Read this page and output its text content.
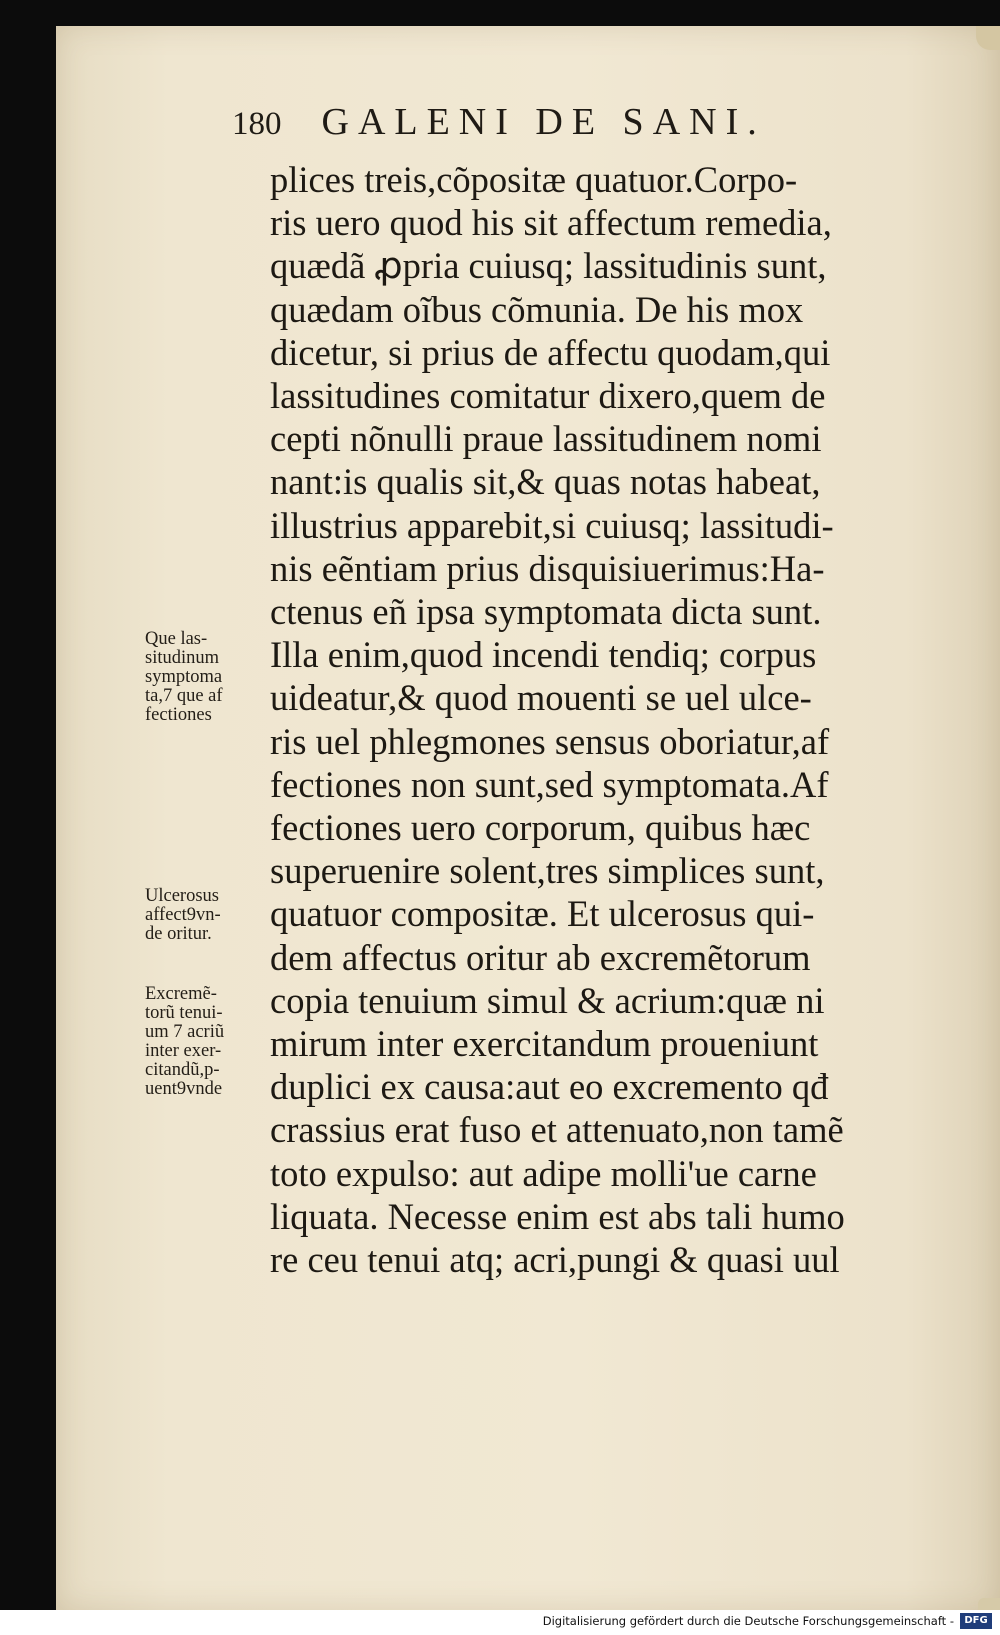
180 GALENI DE SANI.
plices treis,cõpositæ quatuor.Corpo-
ris uero quod his sit affectum remedia,
quædã ꝓpria cuiusq; lassitudinis sunt,
quædam oĩbus cõmunia. De his mox
dicetur, si prius de affectu quodam,qui
lassitudines comitatur dixero,quem de
cepti nõnulli praue lassitudinem nomi
nant:is qualis sit,& quas notas habeat,
illustrius apparebit,si cuiusq; lassitudi-
nis eẽntiam prius disquisiuerimus:Ha-
ctenus eñ ipsa symptomata dicta sunt.
Illa enim,quod incendi tendiq; corpus
uideatur,& quod mouenti se uel ulce-
ris uel phlegmones sensus oboriatur,af
fectiones non sunt,sed symptomata.Af
fectiones uero corporum, quibus hæc
superuenire solent,tres simplices sunt,
quatuor compositæ. Et ulcerosus qui-
dem affectus oritur ab excremẽtorum
copia tenuium simul & acrium:quæ ni
mirum inter exercitandum proueniunt
duplici ex causa:aut eo excremento qđ
crassius erat fuso et attenuato,non tamẽ
toto expulso: aut adipe molli'ue carne
liquata. Necesse enim est abs tali humo
re ceu tenui atq; acri,pungi & quasi uul
Que las-
situdinum
symptoma
ta,7 que af
fectiones
Ulcerosus
affect9vn-
de oritur.
Excremẽ-
torũ tenui-
um 7 acriũ
inter exer-
citandũ,p-
uent9vnde
Digitalisierung gefördert durch die Deutsche Forschungsgemeinschaft -	DFG
